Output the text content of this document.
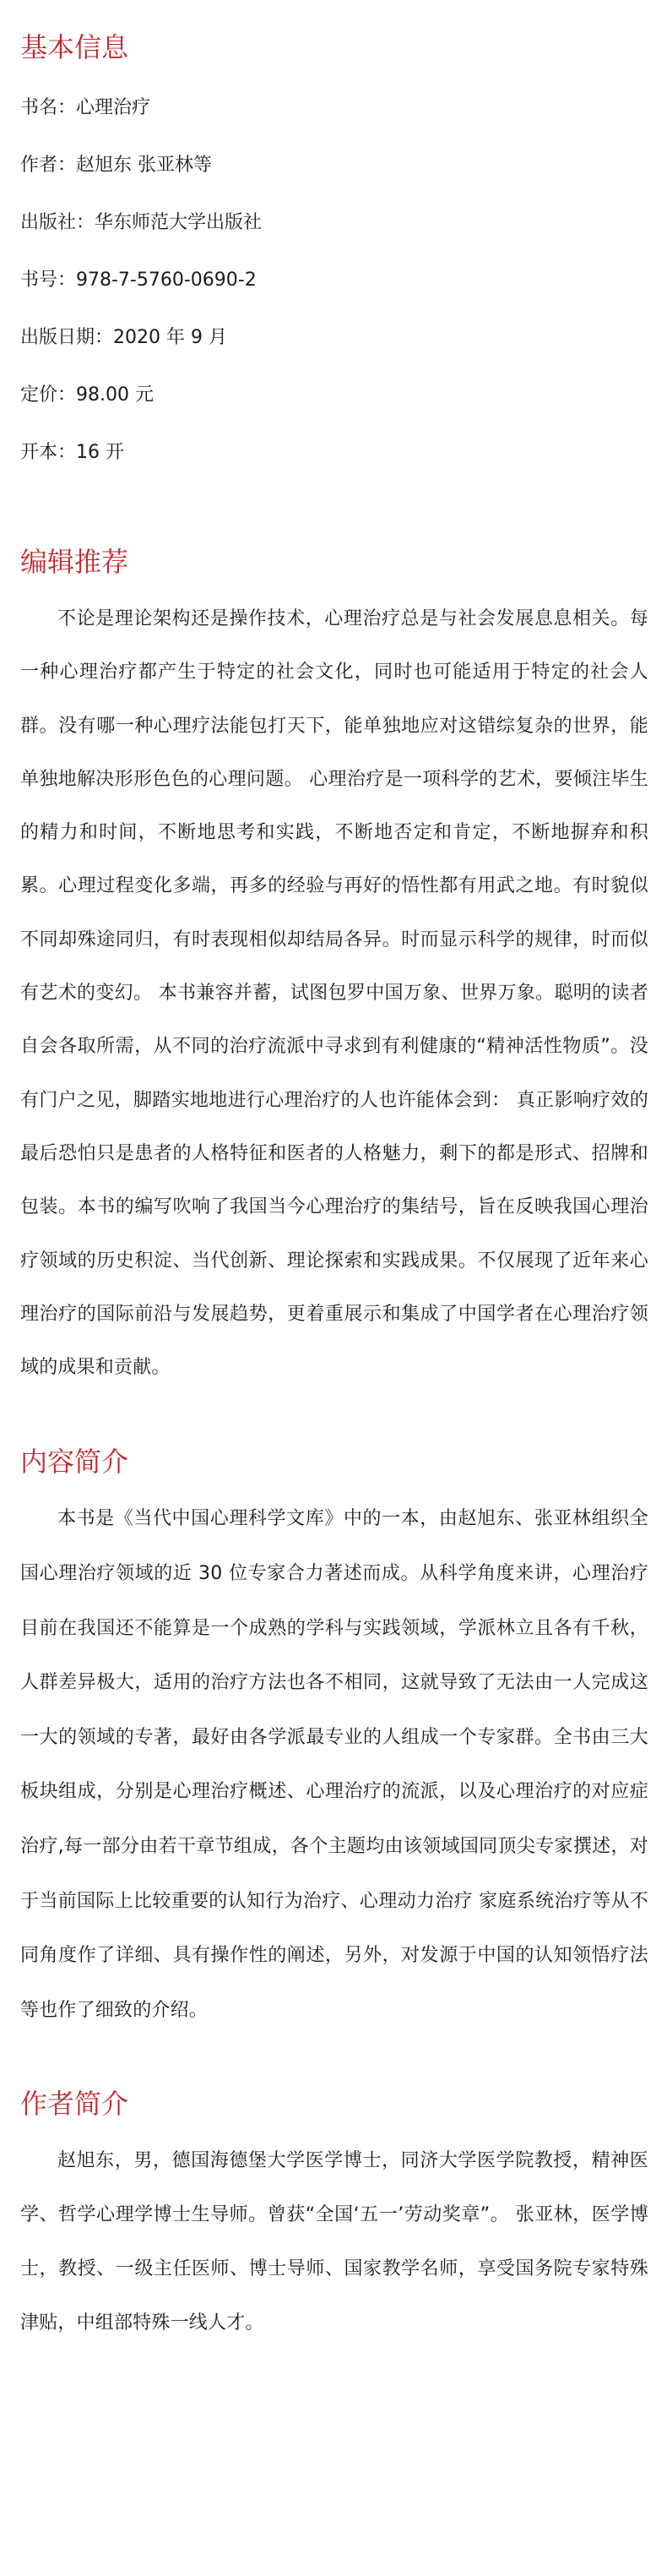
基本信息
书名：心理治疗
作者：赵旭东 张亚林等
出版社：华东师范大学出版社
书号：978-7-5760-0690-2
出版日期：2020 年 9 月
定价：98.00 元
开本：16 开
编辑推荐

不论是理论架构还是操作技术，心理治疗总是与社会发展息息相关。每一种心理治疗都产生于特定的社会文化，同时也可能适用于特定的社会人群。没有哪一种心理疗法能包打天下，能单独地应对这错综复杂的世界，能单独地解决形形色色的心理问题。 心理治疗是一项科学的艺术，要倾注毕生的精力和时间，不断地思考和实践，不断地否定和肯定，不断地摒弃和积累。心理过程变化多端，再多的经验与再好的悟性都有用武之地。有时貌似不同却殊途同归，有时表现相似却结局各异。时而显示科学的规律，时而似有艺术的变幻。 本书兼容并蓄，试图包罗中国万象、世界万象。聪明的读者自会各取所需，从不同的治疗流派中寻求到有利健康的“精神活性物质”。没有门户之见，脚踏实地地进行心理治疗的人也许能体会到： 真正影响疗效的最后恐怕只是患者的人格特征和医者的人格魅力，剩下的都是形式、招牌和包装。本书的编写吹响了我国当今心理治疗的集结号，旨在反映我国心理治疗领域的历史积淀、当代创新、理论探索和实践成果。不仅展现了近年来心理治疗的国际前沿与发展趋势，更着重展示和集成了中国学者在心理治疗领域的成果和贡献。

内容简介

本书是《当代中国心理科学文库》中的一本，由赵旭东、张亚林组织全国心理治疗领域的近 30 位专家合力著述而成。从科学角度来讲，心理治疗目前在我国还不能算是一个成熟的学科与实践领域，学派林立且各有千秋，人群差异极大，适用的治疗方法也各不相同，这就导致了无法由一人完成这一大的领域的专著，最好由各学派最专业的人组成一个专家群。全书由三大板块组成，分别是心理治疗概述、心理治疗的流派，以及心理治疗的对应症治疗,每一部分由若干章节组成，各个主题均由该领域国同顶尖专家撰述，对于当前国际上比较重要的认知行为治疗、心理动力治疗 家庭系统治疗等从不同角度作了详细、具有操作性的阐述，另外，对发源于中国的认知领悟疗法等也作了细致的介绍。

作者简介

赵旭东，男，德国海德堡大学医学博士，同济大学医学院教授，精神医学、哲学心理学博士生导师。曾获“全国‘五一’劳动奖章”。 张亚林，医学博士，教授、一级主任医师、博士导师、国家教学名师，享受国务院专家特殊津贴，中组部特殊一线人才。
